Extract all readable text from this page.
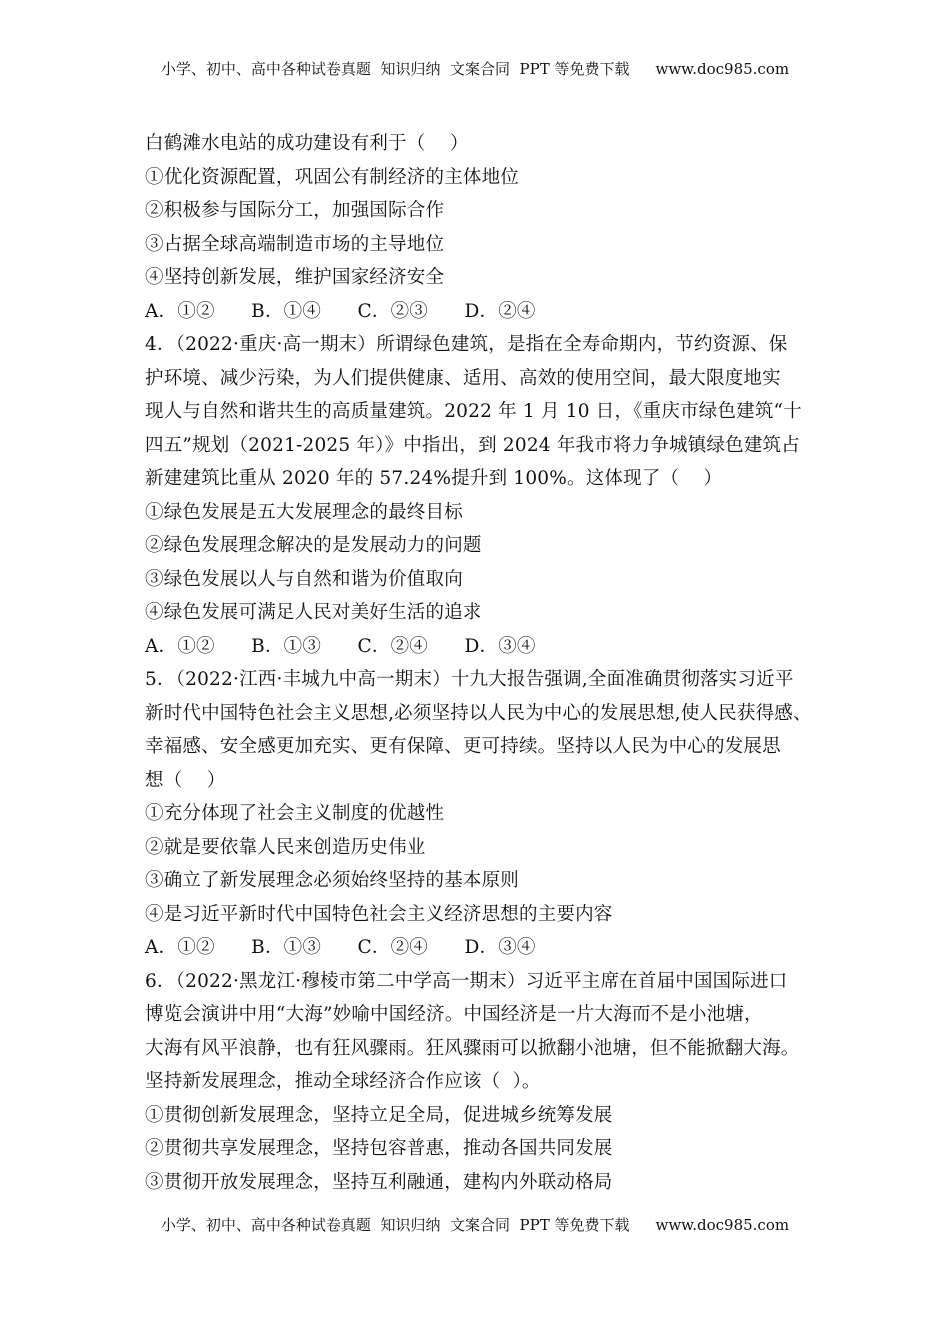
小学、初中、高中各种试卷真题  知识归纳  文案合同  PPT 等免费下载 www.doc985.com
白鹤滩水电站的成功建设有利于（    ）
①优化资源配置，巩固公有制经济的主体地位
②积极参与国际分工，加强国际合作
③占据全球高端制造市场的主导地位
④坚持创新发展，维护国家经济安全
A．①②      B．①④      C．②③      D．②④
4．（2022·重庆·高一期末）所谓绿色建筑，是指在全寿命期内，节约资源、保
护环境、减少污染，为人们提供健康、适用、高效的使用空间，最大限度地实
现人与自然和谐共生的高质量建筑。2022 年 1 月 10 日，《重庆市绿色建筑“十
四五”规划（2021-2025 年）》中指出，到 2024 年我市将力争城镇绿色建筑占
新建建筑比重从 2020 年的 57.24%提升到 100%。这体现了（    ）
①绿色发展是五大发展理念的最终目标
②绿色发展理念解决的是发展动力的问题
③绿色发展以人与自然和谐为价值取向
④绿色发展可满足人民对美好生活的追求
A．①②      B．①③      C．②④      D．③④
5．（2022·江西·丰城九中高一期末）十九大报告强调,全面准确贯彻落实习近平
新时代中国特色社会主义思想,必须坚持以人民为中心的发展思想,使人民获得感、
幸福感、安全感更加充实、更有保障、更可持续。坚持以人民为中心的发展思
想（    ）
①充分体现了社会主义制度的优越性
②就是要依靠人民来创造历史伟业
③确立了新发展理念必须始终坚持的基本原则
④是习近平新时代中国特色社会主义经济思想的主要内容
A．①②      B．①③      C．②④      D．③④
6．（2022·黑龙江·穆棱市第二中学高一期末）习近平主席在首届中国国际进口
博览会演讲中用“大海”妙喻中国经济。中国经济是一片大海而不是小池塘，
大海有风平浪静，也有狂风骤雨。狂风骤雨可以掀翻小池塘，但不能掀翻大海。
坚持新发展理念，推动全球经济合作应该（  ）。
①贯彻创新发展理念，坚持立足全局，促进城乡统筹发展
②贯彻共享发展理念，坚持包容普惠，推动各国共同发展
③贯彻开放发展理念，坚持互利融通，建构内外联动格局
小学、初中、高中各种试卷真题  知识归纳  文案合同  PPT 等免费下载 www.doc985.com
